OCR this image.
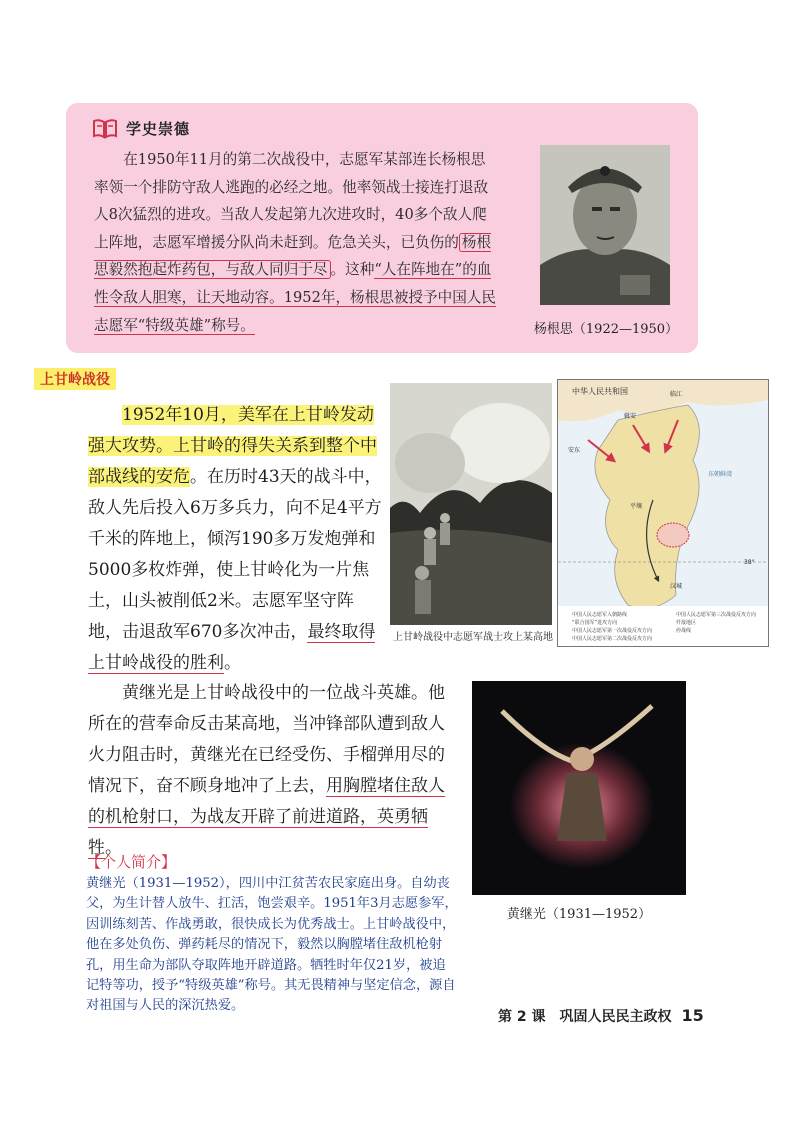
学史崇德

在1950年11月的第二次战役中，志愿军某部连长杨根思率领一个排防守敌人逃跑的必经之地。他率领战士接连打退敌人8次猛烈的进攻。当敌人发起第九次进攻时，40多个敌人爬上阵地，志愿军增援分队尚未赶到。危急关头，已负伤的 杨根思毅然抱起炸药包，与敌人同归于尽 。这种“人在阵地在”的血性令敌人胆寒，让天地动容。1952年，杨根思被授予中国人民志愿军“特级英雄”称号。	杨根思（1922—1950）
上甘岭战役

1952年10月，美军在上甘岭发动强大攻势。上甘岭的得失关系到整个中部战线的安危。在历时43天的战斗中，敌人先后投入6万多兵力，向不足4平方千米的阵地上，倾泻190多万发炮弹和5000多枚炸弹，使上甘岭化为一片焦土，山头被削低2米。志愿军坚守阵地，击退敌军670多次冲击，最终取得上甘岭战役的胜利。

上甘岭战役中志愿军战士攻上某高地
中华人民共和国	临江
辑安
安东
平壤
汉城
东朝鲜湾
38°
中国人民志愿军入朝路线
“联合国军”进攻方向
中国人民志愿军第一次战役反攻方向
中国人民志愿军第二次战役反攻方向
中国人民志愿军第三次战役反攻方向
歼敌地区
停战线

黄继光是上甘岭战役中的一位战斗英雄。他所在的营奉命反击某高地，当冲锋部队遭到敌人火力阻击时，黄继光在已经受伤、手榴弹用尽的情况下，奋不顾身地冲了上去，用胸膛堵住敌人的机枪射口，为战友开辟了前进道路，英勇牺牲。

黄继光（1931—1952）
【个人简介】

黄继光（1931—1952），四川中江贫苦农民家庭出身。自幼丧父，为生计替人放牛、扛活，饱尝艰辛。1951年3月志愿参军，因训练刻苦、作战勇敢，很快成长为优秀战士。上甘岭战役中，他在多处负伤、弹药耗尽的情况下，毅然以胸膛堵住敌机枪射孔，用生命为部队夺取阵地开辟道路。牺牲时年仅21岁，被追记特等功，授予“特级英雄”称号。其无畏精神与坚定信念，源自对祖国与人民的深沉热爱。

第 2 课　巩固人民民主政权 15
